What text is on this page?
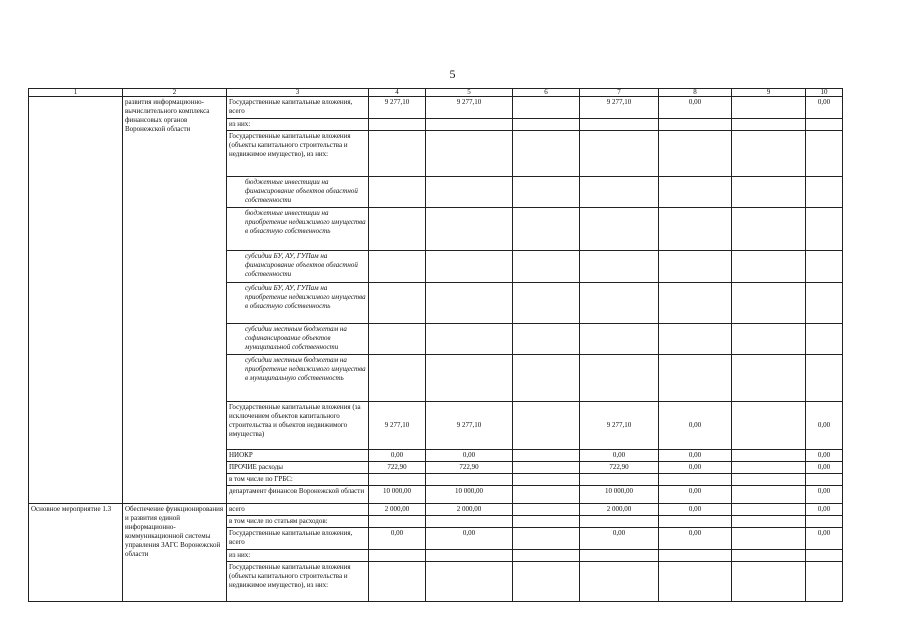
5
1	2	3	4	5	6	7	8	9	10
	развития информационно-вычислительного комплекса финансовых органов Воронежской области	Государственные капитальные вложения, всего	9 277,10	9 277,10		9 277,10	0,00		0,00
		из них:							
		Государственные капитальные вложения (объекты капитального строительства и недвижимое имущество), из них:							
		бюджетные инвестиции на финансирование объектов областной собственности							
		бюджетные инвестиции на приобретение недвижимого имущества в областную собственность							
		субсидии БУ, АУ, ГУПам на финансирование объектов областной собственности							
		субсидии БУ, АУ, ГУПам на приобретение недвижимого имущества в областную собственность							
		субсидии местным бюджетам на софинансирование объектов муниципальной собственности							
		субсидии местным бюджетам на приобретение недвижимого имущества в муниципальную собственность							
		Государственные капитальные вложения (за исключением объектов капитального строительства и объектов недвижимого имущества)	9 277,10	9 277,10		9 277,10	0,00		0,00
		НИОКР	0,00	0,00		0,00	0,00		0,00
		ПРОЧИЕ расходы	722,90	722,90		722,90	0,00		0,00
		в том числе по ГРБС:							
		департамент финансов Воронежской области	10 000,00	10 000,00		10 000,00	0,00		0,00
Основное мероприятие 1.3	Обеспечение функционирования и развития единой информационно-коммуникационной системы управления ЗАГС Воронежской области	всего	2 000,00	2 000,00		2 000,00	0,00		0,00
		в том числе по статьям расходов:							
		Государственные капитальные вложения, всего	0,00	0,00		0,00	0,00		0,00
		из них:							
		Государственные капитальные вложения (объекты капитального строительства и недвижимое имущество), из них:							
